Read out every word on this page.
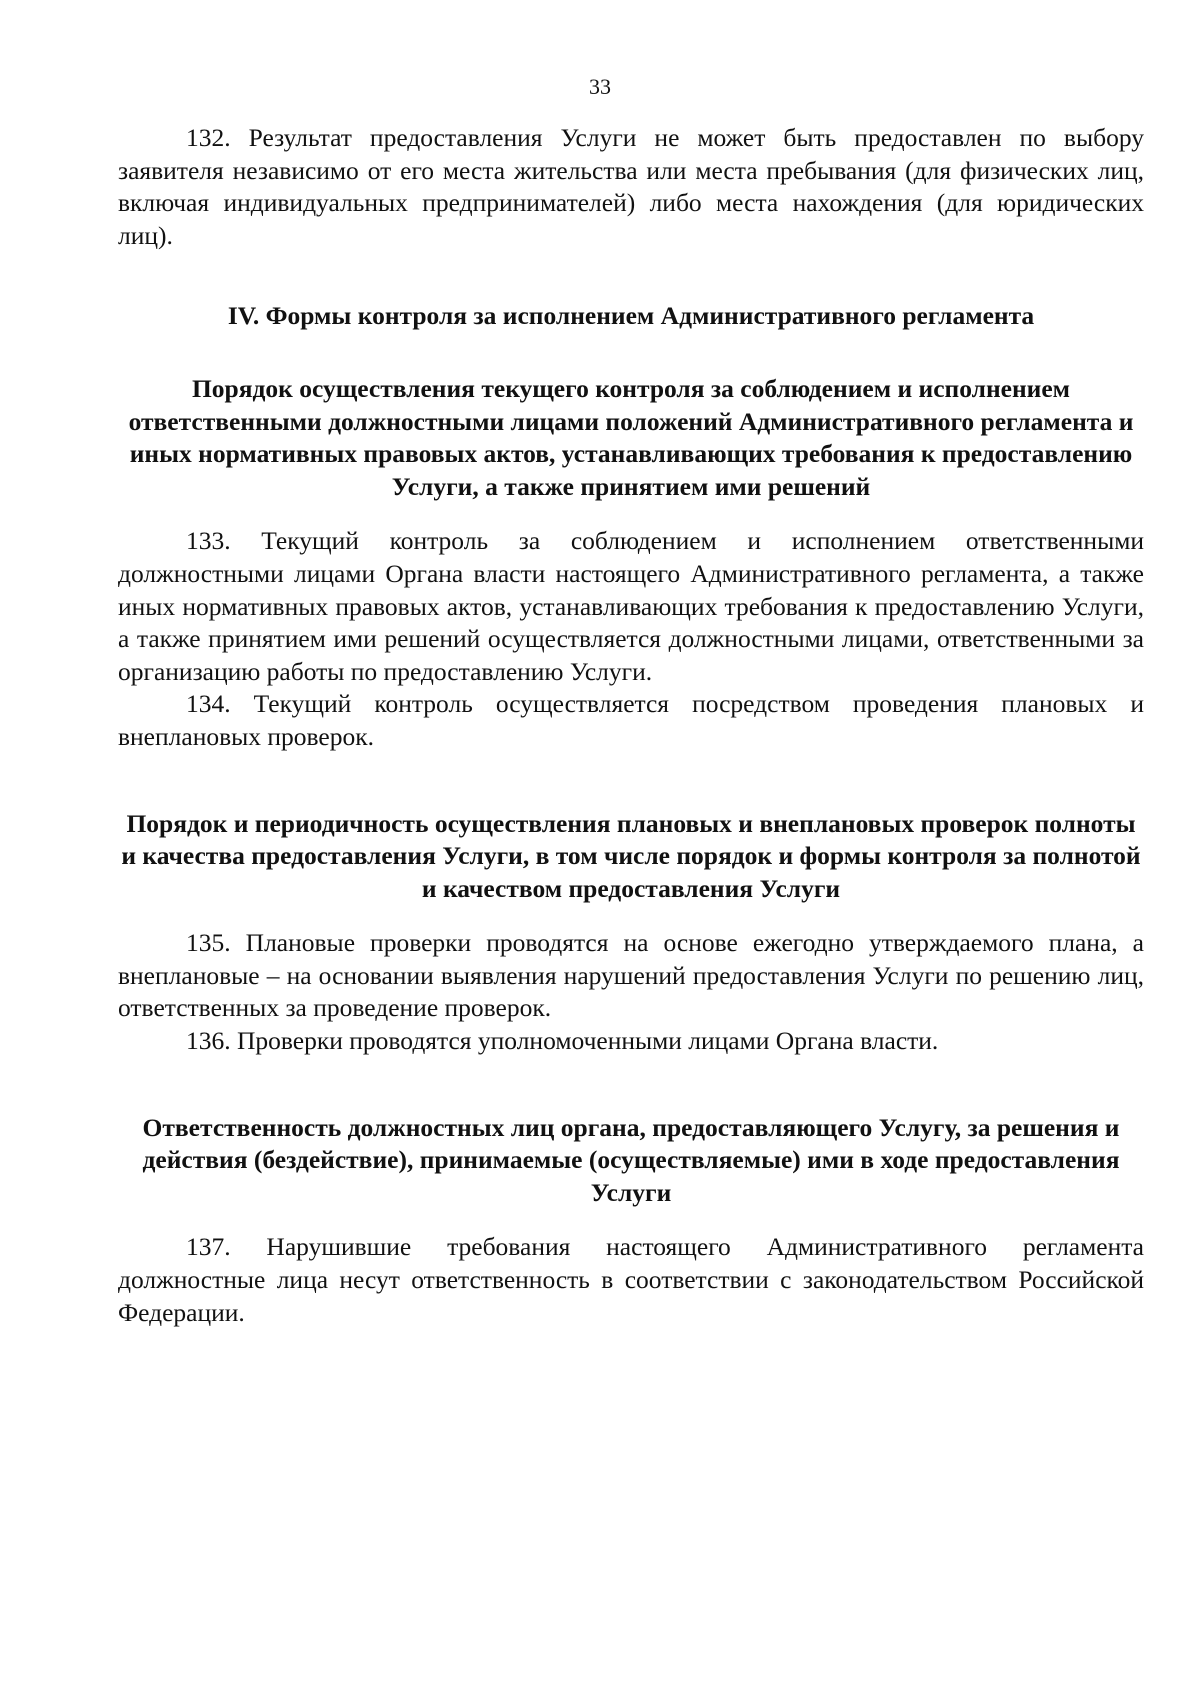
33

132. Результат предоставления Услуги не может быть предоставлен по выбору заявителя независимо от его места жительства или места пребывания (для физических лиц, включая индивидуальных предпринимателей) либо места нахождения (для юридических лиц).

IV. Формы контроля за исполнением Административного регламента

Порядок осуществления текущего контроля за соблюдением и исполнением ответственными должностными лицами положений Административного регламента и иных нормативных правовых актов, устанавливающих требования к предоставлению Услуги, а также принятием ими решений

133. Текущий контроль за соблюдением и исполнением ответственными должностными лицами Органа власти настоящего Административного регламента, а также иных нормативных правовых актов, устанавливающих требования к предоставлению Услуги, а также принятием ими решений осуществляется должностными лицами, ответственными за организацию работы по предоставлению Услуги.

134. Текущий контроль осуществляется посредством проведения плановых и внеплановых проверок.

Порядок и периодичность осуществления плановых и внеплановых проверок полноты и качества предоставления Услуги, в том числе порядок и формы контроля за полнотой и качеством предоставления Услуги

135. Плановые проверки проводятся на основе ежегодно утверждаемого плана, а внеплановые – на основании выявления нарушений предоставления Услуги по решению лиц, ответственных за проведение проверок.

136. Проверки проводятся уполномоченными лицами Органа власти.

Ответственность должностных лиц органа, предоставляющего Услугу, за решения и действия (бездействие), принимаемые (осуществляемые) ими в ходе предоставления Услуги

137. Нарушившие требования настоящего Административного регламента должностные лица несут ответственность в соответствии с законодательством Российской Федерации.
